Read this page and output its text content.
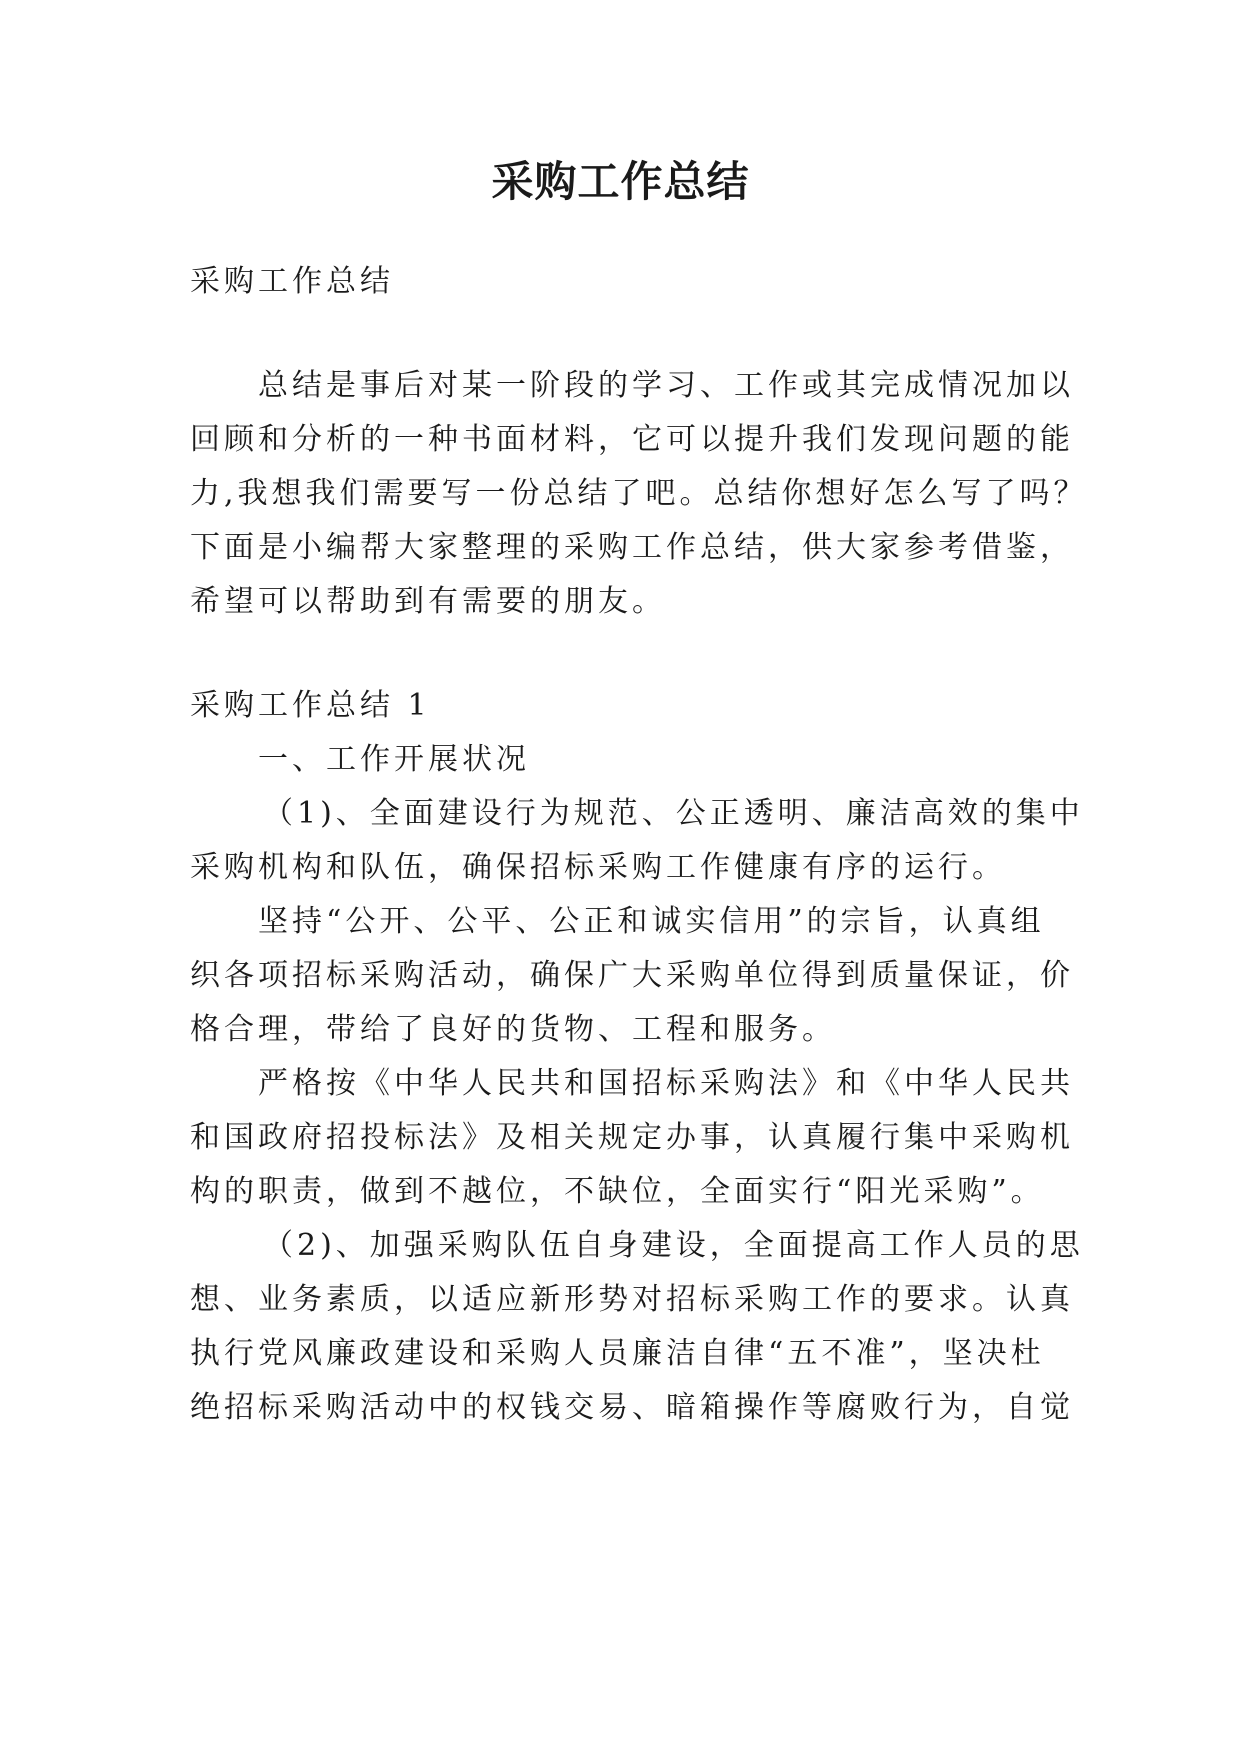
采购工作总结

采购工作总结

总结是事后对某一阶段的学习、工作或其完成情况加以

回顾和分析的一种书面材料，它可以提升我们发现问题的能

力,我想我们需要写一份总结了吧。总结你想好怎么写了吗？

下面是小编帮大家整理的采购工作总结，供大家参考借鉴，

希望可以帮助到有需要的朋友。

采购工作总结 1

一、工作开展状况

（1)、全面建设行为规范、公正透明、廉洁高效的集中

采购机构和队伍，确保招标采购工作健康有序的运行。

坚持“公开、公平、公正和诚实信用”的宗旨，认真组

织各项招标采购活动，确保广大采购单位得到质量保证，价

格合理，带给了良好的货物、工程和服务。

严格按《中华人民共和国招标采购法》和《中华人民共

和国政府招投标法》及相关规定办事，认真履行集中采购机

构的职责，做到不越位，不缺位，全面实行“阳光采购”。

（2)、加强采购队伍自身建设，全面提高工作人员的思

想、业务素质，以适应新形势对招标采购工作的要求。认真

执行党风廉政建设和采购人员廉洁自律“五不准”，坚决杜

绝招标采购活动中的权钱交易、暗箱操作等腐败行为，自觉
